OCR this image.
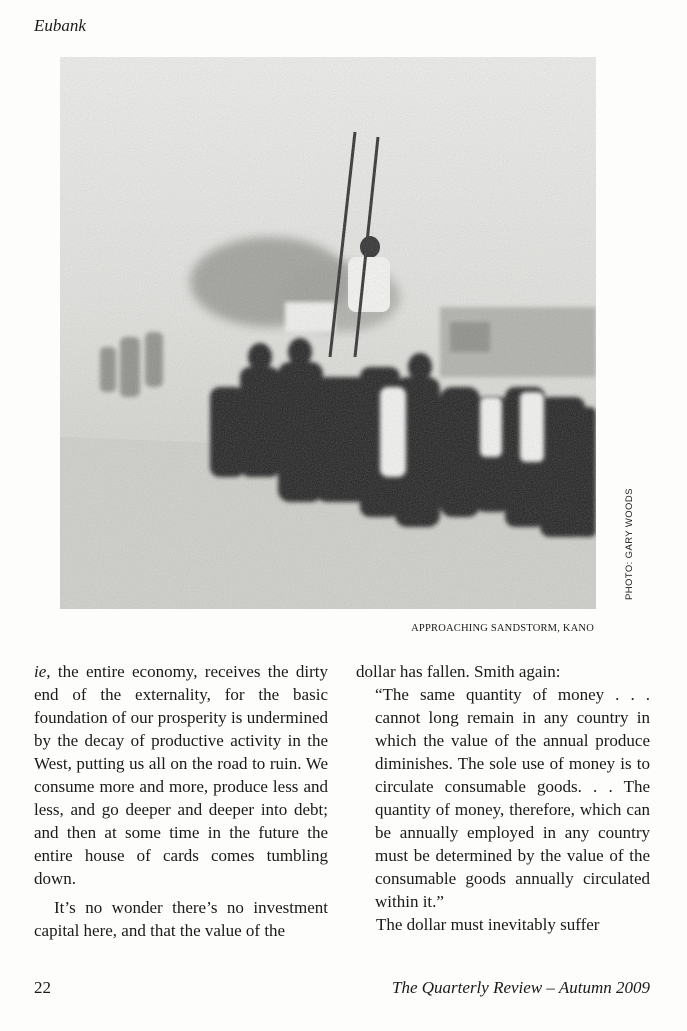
Eubank
PHOTO: GARY WOODS
APPROACHING SANDSTORM, KANO

ie, the entire economy, receives the dirty end of the externality, for the basic foundation of our prosperity is undermined by the decay of productive activity in the West, putting us all on the road to ruin. We consume more and more, produce less and less, and go deeper and deeper into debt; and then at some time in the future the entire house of cards comes tumbling down.

It’s no wonder there’s no investment capital here, and that the value of the

dollar has fallen. Smith again:

“The same quantity of money . . . cannot long remain in any country in which the value of the annual produce diminishes. The sole use of money is to circulate consumable goods. . . The quantity of money, therefore, which can be annually employed in any country must be determined by the value of the consumable goods annually circulated within it.”

The dollar must inevitably suffer

22	The Quarterly Review – Autumn 2009
